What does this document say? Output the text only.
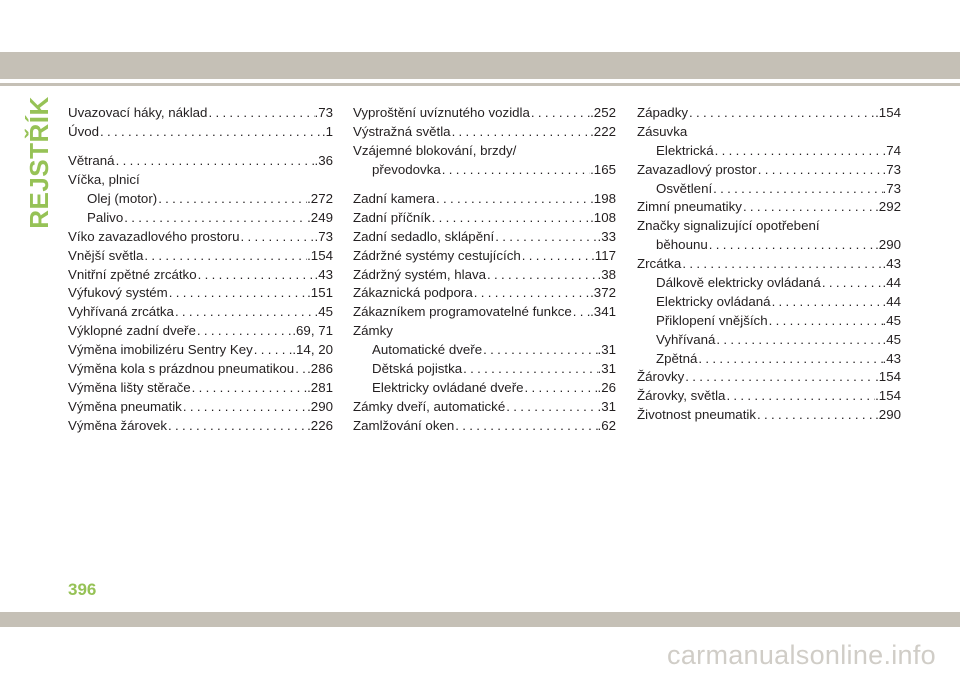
REJSTŘÍK Uvazovací háky, náklad .....	.73
Úvod .....	.1
Větraná .....	.36
Víčka, plnicí
Olej (motor) .....	.272
Palivo .....	.249
Víko zavazadlového prostoru .....	.73
Vnější světla .....	.154
Vnitřní zpětné zrcátko .....	.43
Výfukový systém .....	.151
Vyhřívaná zrcátka .....	.45
Výklopné zadní dveře .....	.69, 71
Výměna imobilizéru Sentry Key .....	.14, 20
Výměna kola s prázdnou pneumatikou ..... .286
Výměna lišty stěrače .....	.281
Výměna pneumatik .....	.290
Výměna žárovek .....	.226
Vyproštění uvíznutého vozidla .....	.252
Výstražná světla .....	.222
Vzájemné blokování, brzdy/
převodovka .....	.165
Zadní kamera .....	.198
Zadní příčník .....	.108
Zadní sedadlo, sklápění .....	.33
Zádržné systémy cestujících .....	.117
Zádržný systém, hlava .....	.38
Zákaznická podpora .....	.372
Zákazníkem programovatelné funkce ..... .341
Zámky
Automatické dveře .....	.31
Dětská pojistka .....	.31
Elektricky ovládané dveře .....	.26
Zámky dveří, automatické .....	.31
Zamlžování oken .....	.62
Západky .....	.154
Zásuvka
Elektrická .....	.74
Zavazadlový prostor .....	.73
Osvětlení .....	.73
Zimní pneumatiky .....	.292
Značky signalizující opotřebení
běhounu .....	.290
Zrcátka .....	.43
Dálkově elektricky ovládaná .....	.44
Elektricky ovládaná .....	.44
Přiklopení vnějších .....	.45
Vyhřívaná .....	.45
Zpětná .....	.43
Žárovky .....	.154
Žárovky, světla .....	.154
Životnost pneumatik .....	.290
396
carmanualsonline.info
